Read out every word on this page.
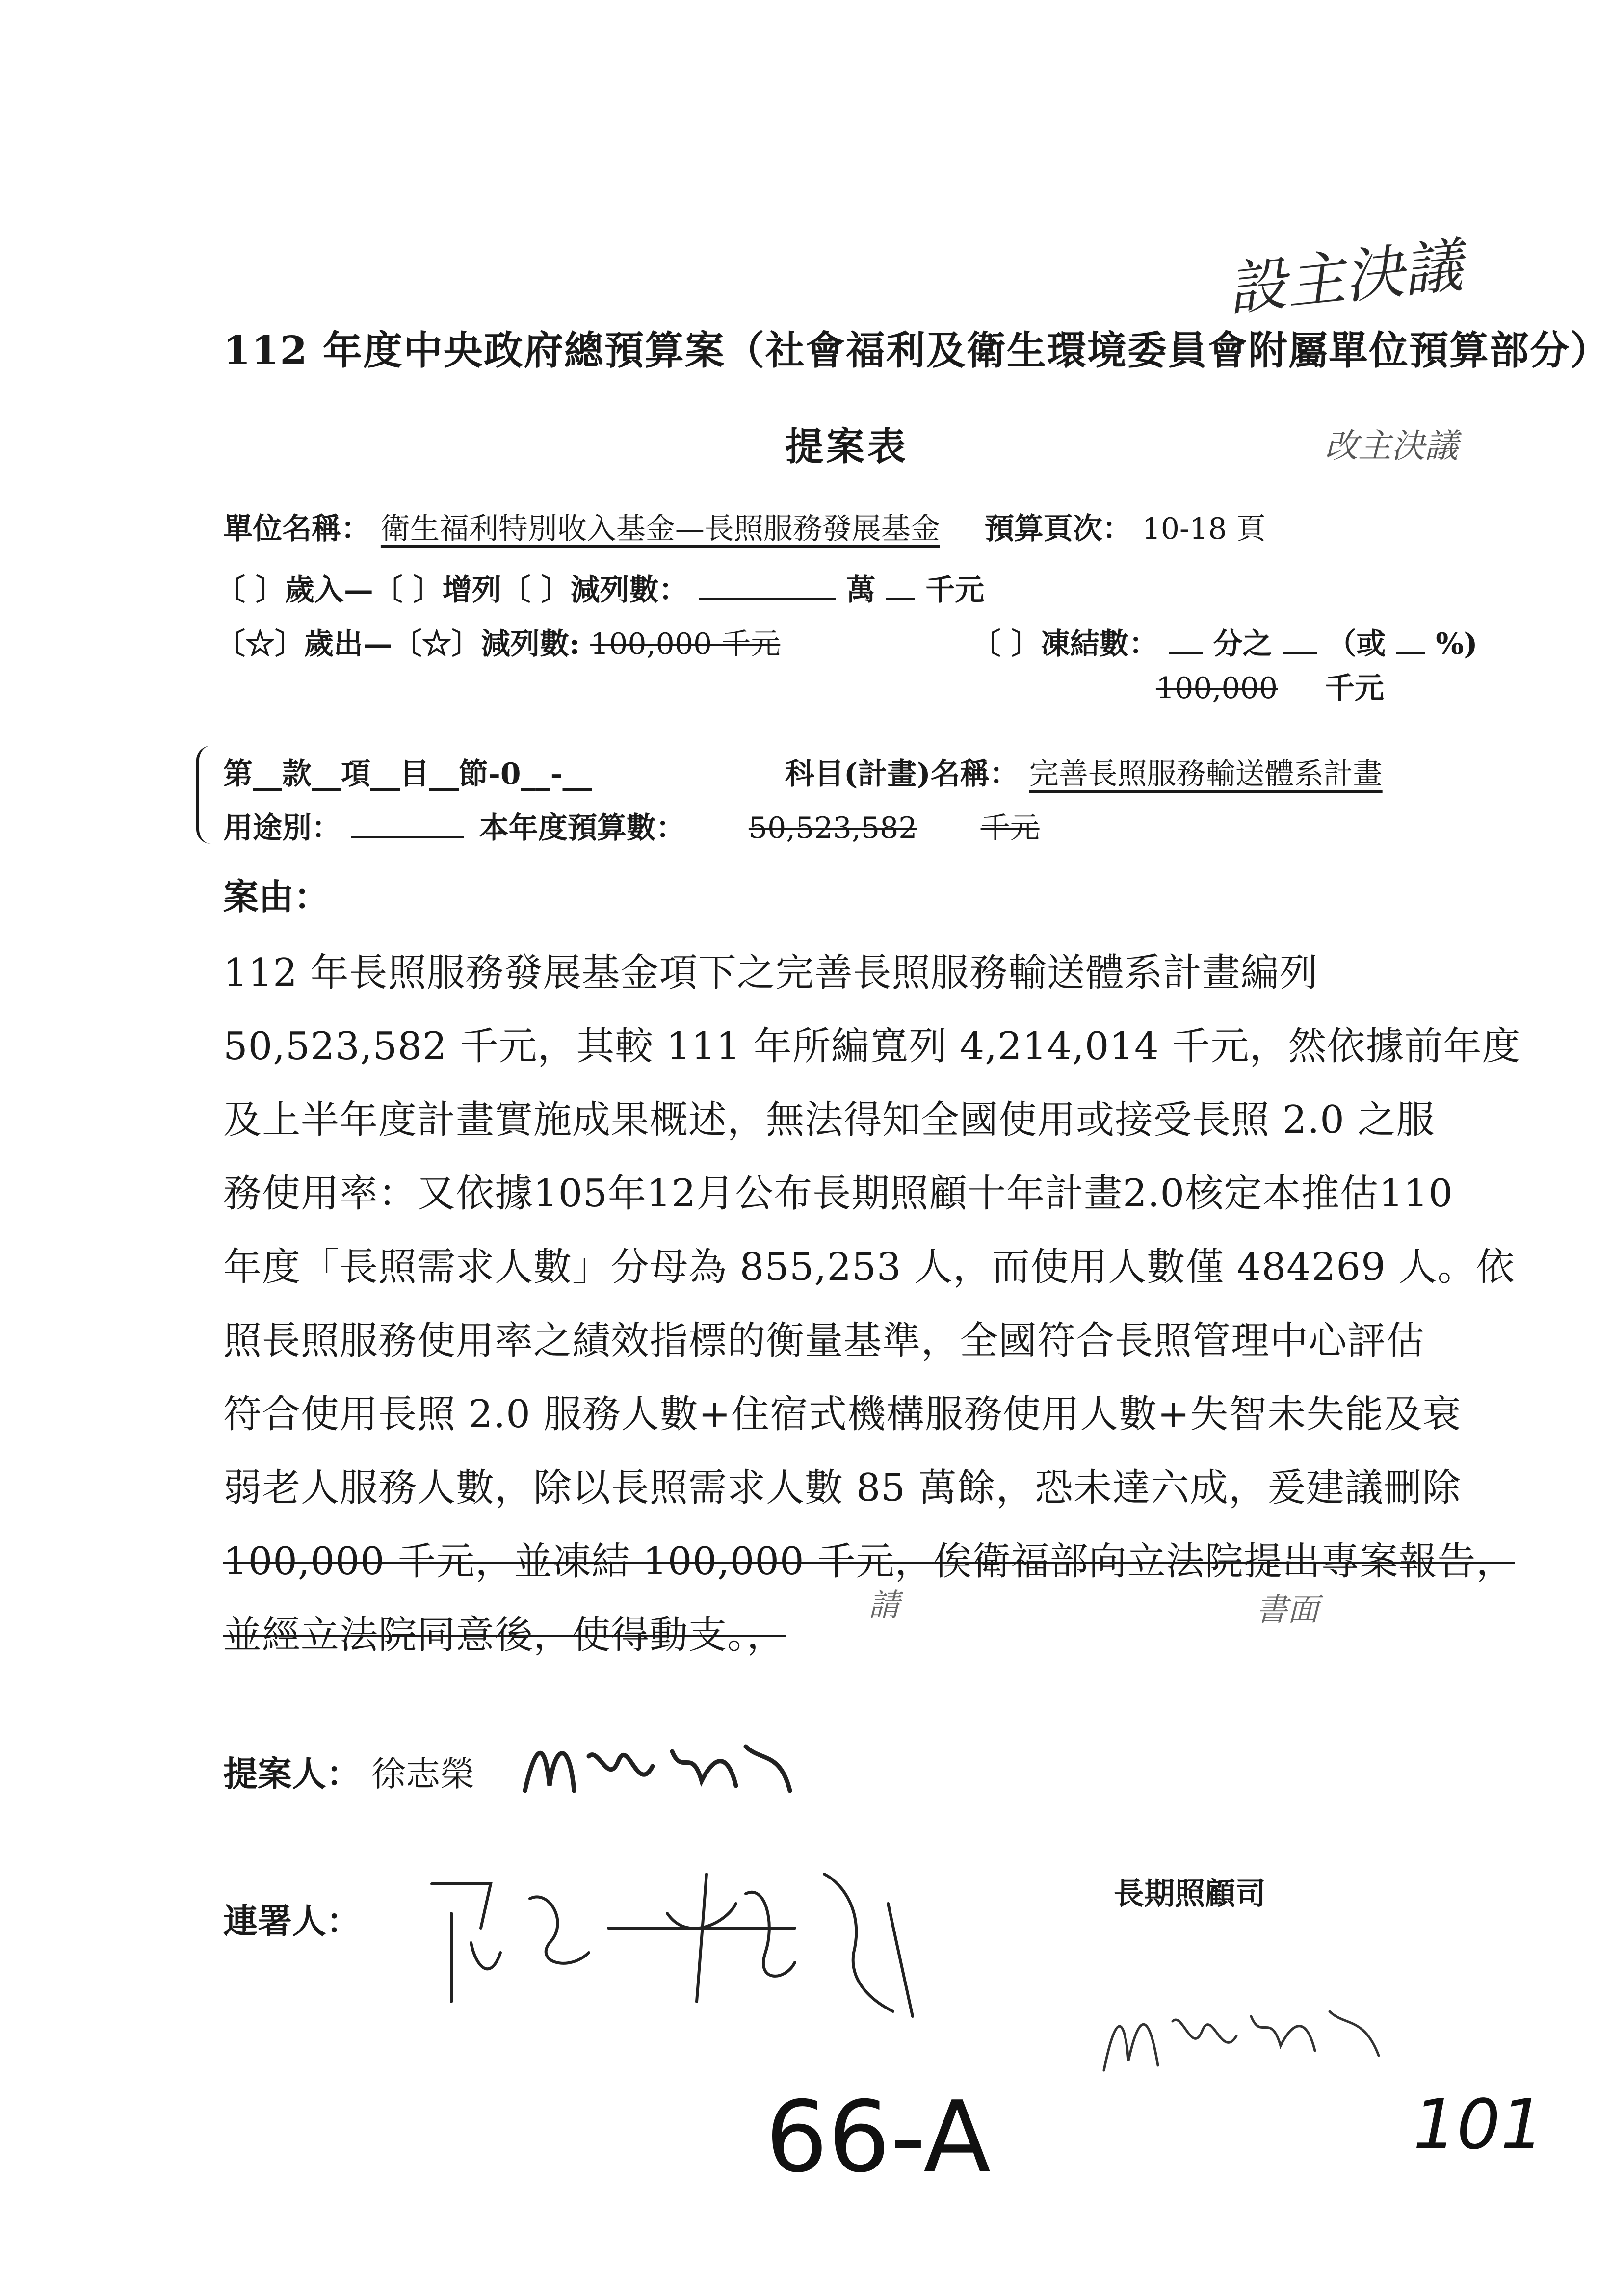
設主決議
112 年度中央政府總預算案（社會福利及衛生環境委員會附屬單位預算部分）
提案表	改主決議
單位名稱： 衛生福利特別收入基金—長照服務發展基金 預算頁次： 10-18 頁
〔 〕歲入—〔 〕增列〔 〕減列數：	萬 千元
〔☆〕歲出—〔☆〕減列數: 100,000 千元	〔 〕凍結數： 分之 （或 %)
100,000 千元
第__款__項__目__節-0__-__	科目(計畫)名稱： 完善長照服務輸送體系計畫
用途別：	本年度預算數： 50,523,582 千元
案由：
112 年長照服務發展基金項下之完善長照服務輸送體系計畫編列
50,523,582 千元，其較 111 年所編寬列 4,214,014 千元，然依據前年度
及上半年度計畫實施成果概述，無法得知全國使用或接受長照 2.0 之服
務使用率：又依據105年12月公布長期照顧十年計畫2.0核定本推估110
年度「長照需求人數」分母為 855,253 人，而使用人數僅 484269 人。依
照長照服務使用率之績效指標的衡量基準，全國符合長照管理中心評估
符合使用長照 2.0 服務人數+住宿式機構服務使用人數+失智未失能及衰
弱老人服務人數，除以長照需求人數 85 萬餘，恐未達六成，爰建議刪除
100,000 千元，並凍結 100,000 千元，俟衛福部向立法院提出專案報告，
並經立法院同意後，使得動支。，
請	書面
提案人： 徐志榮
連署人：
長期照顧司
66-A	101
